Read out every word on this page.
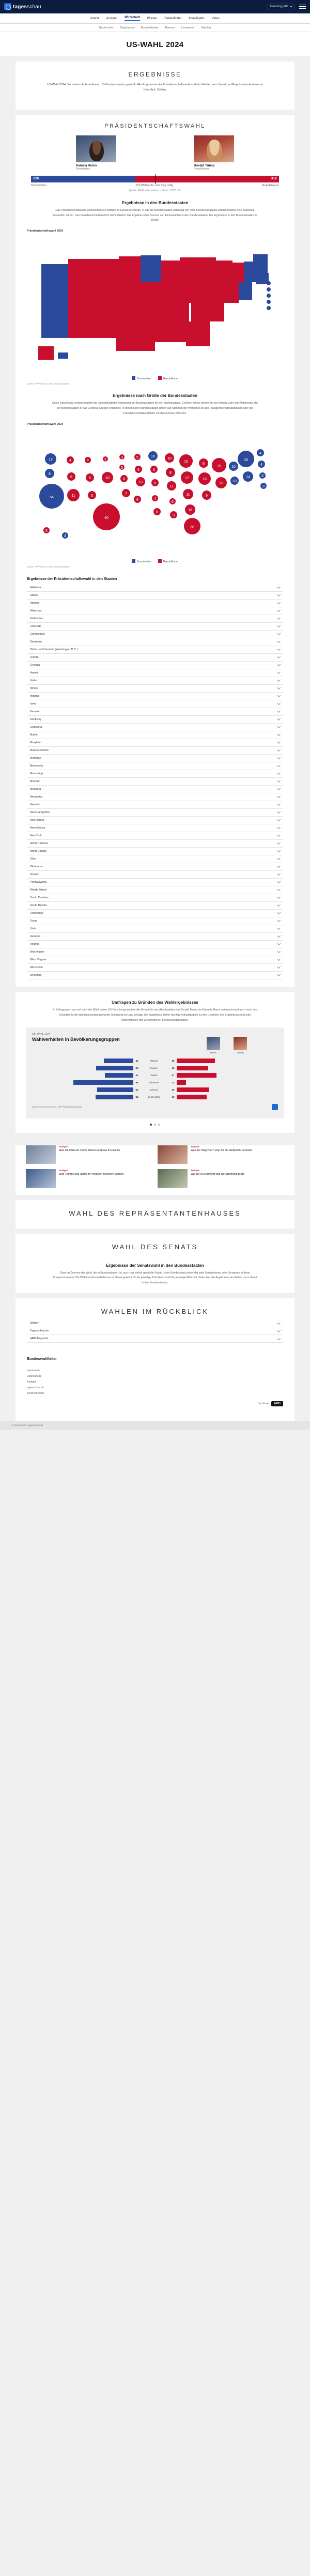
tagesschau	Trending jetzt ▾
Inland Ausland Wirtschaft Wissen Faktenfinder Investigativ Video
Nachrichten Ergebnisse Bundesländer Themen Livestream Wahlen
US-WAHL 2024
ERGEBNISSE
US-Wahl 2024: So haben die Amerikaner US-Bundesstaaten gewählt. Alle Ergebnisse der Präsidentschaftswahl und der Wahlen zum Senat und Repräsentantenhaus im Überblick: Zahlen.
PRÄSIDENTSCHAFTSWAHL
Kamala Harris
Demokraten
Donald Trump
Republikaner
226	312
Demokraten	270 Wahlleute zum Sieg nötig	Republikaner
Quelle: AP/Bundesstaaten · Stand: 10:05 Uhr
Ergebnisse in den Bundesstaaten
Das Präsidentschaftswahl entscheidet sich letztlich im Electoral College. In das die Bundesstaaten abhängig von ihrer Bevölkerungszahl unterschiedlich viele Wahlleute entsenden dürfen. Das Präsidentschaftswahl ist damit letztlich das Ergebnis einer Summe von Einzelwahlen in den Bundesstaaten. Die Ergebnisse in den Bundesstaaten im Detail:
Präsidentschaftswahl 2024
Demokraten	Republikaner
Quelle: AP/Wahlen in den Bundesstaaten
Ergebnisse nach Größe der Bundesstaaten
Diese Darstellung veranschaulicht die unterschiedliche Bedeutung der Bundesstaaten für den Wahlausgang. Größere Kreise stehen für eine höhere Zahl von Wahlleuten, die ein Bundesstaaten in das Electoral College entsendet. In den meisten Bundesstaaten gehen alle Stimmen der Wahlleute an den Präsidentschaftskandidaten oder die Präsidentschaftskandidatin mit den meisten Stimmen.
Präsidentschaftswahl 2024
12
8
54
4
6
11
4
6
5
3
10
40
3
3
6
7
5
6
10
6
10
6
6
4
8
10
8
11
6
9
15
17
11
16
30
8
16
9
19
13
10
10
28
14
4
4
3
3
3
4
Demokraten	Republikaner
Quelle: AP/Wahlen in den Bundesstaaten
Ergebnisse der Präsidentschaftswahl in den Staaten
Alabama
Alaska
Arizona
Arkansas
Kalifornien
Colorado
Connecticut
Delaware
District of Columbia (Washington D.C.)
Florida
Georgia
Hawaii
Idaho
Illinois
Indiana
Iowa
Kansas
Kentucky
Louisiana
Maine
Maryland
Massachusetts
Michigan
Minnesota
Mississippi
Missouri
Montana
Nebraska
Nevada
New Hampshire
New Jersey
New Mexico
New York
North Carolina
North Dakota
Ohio
Oklahoma
Oregon
Pennsylvania
Rhode Island
South Carolina
South Dakota
Tennessee
Texas
Utah
Vermont
Virginia
Washington
West Virginia
Wisconsin
Wyoming
Umfragen zu Gründen des Wahlergebnisses
In Befragungen vor und nach der Wahl haben US-Forschungsinstitute die Gründe für das Abschneiden von Donald Trump und Kamala Harris untersucht und auch nach den Gründen für die Wahlentscheidung und die Stimmung im Land gefragt. Die Ergebnisse liefern wichtige Anhaltspunkte zu den Ursachen des Ergebnisses und zum Wahlverhalten der verschiedenen Bevölkerungsgruppen.
US-WAHL 2024
Wahlverhalten in Bevölkerungsgruppen
Harris	Trump
42	Männer	55
53	Frauen	45
41	Weiße	57
86	Schwarze	13
52	Latinos	46
54	18-29 Jahre	43
Quelle: Edison Research / NEP-Wahltagsbefragung
Analyse
Was die USA auf Trump blicken und was ihn wählte
Analyse
Was der Sieg von Trump für die Weltpolitik bedeutet
Analyse
Was Trumps und Harris im Vergleich bewerten werden
Analyse
Wie die USA bewegt und die Stimmung prägt
WAHL DES REPRÄSENTANTENHAUSES
WAHL DES SENATS
Ergebnisse der Senatswahl in den Bundesstaaten
Dass im Zentrum der Wahl, die in Bundesstaaten ist, auch das vorher gewählte Senat. Jeder Bundesstaat entsendet zwei Senatorinnen oder Senatoren in diese Kongresskammer. Die Wahlmandatsverhältnisse im Senat gewinnt für die jeweilige Präsidentschaft die jeweilige Mehrheit. Siehe hier die Ergebnisse der Wahlen zum Senat in den Bundesstaaten.
WAHLEN IM RÜCKBLICK
Wahlen
Tagesschau.de
ARD Angebote
Bundeswahlleiter
Impressum
Datenschutz
Kontakt
tagesschau.de
Barrierefreiheit
Das Erste	ARD
© ARD-aktuell / tagesschau.de
